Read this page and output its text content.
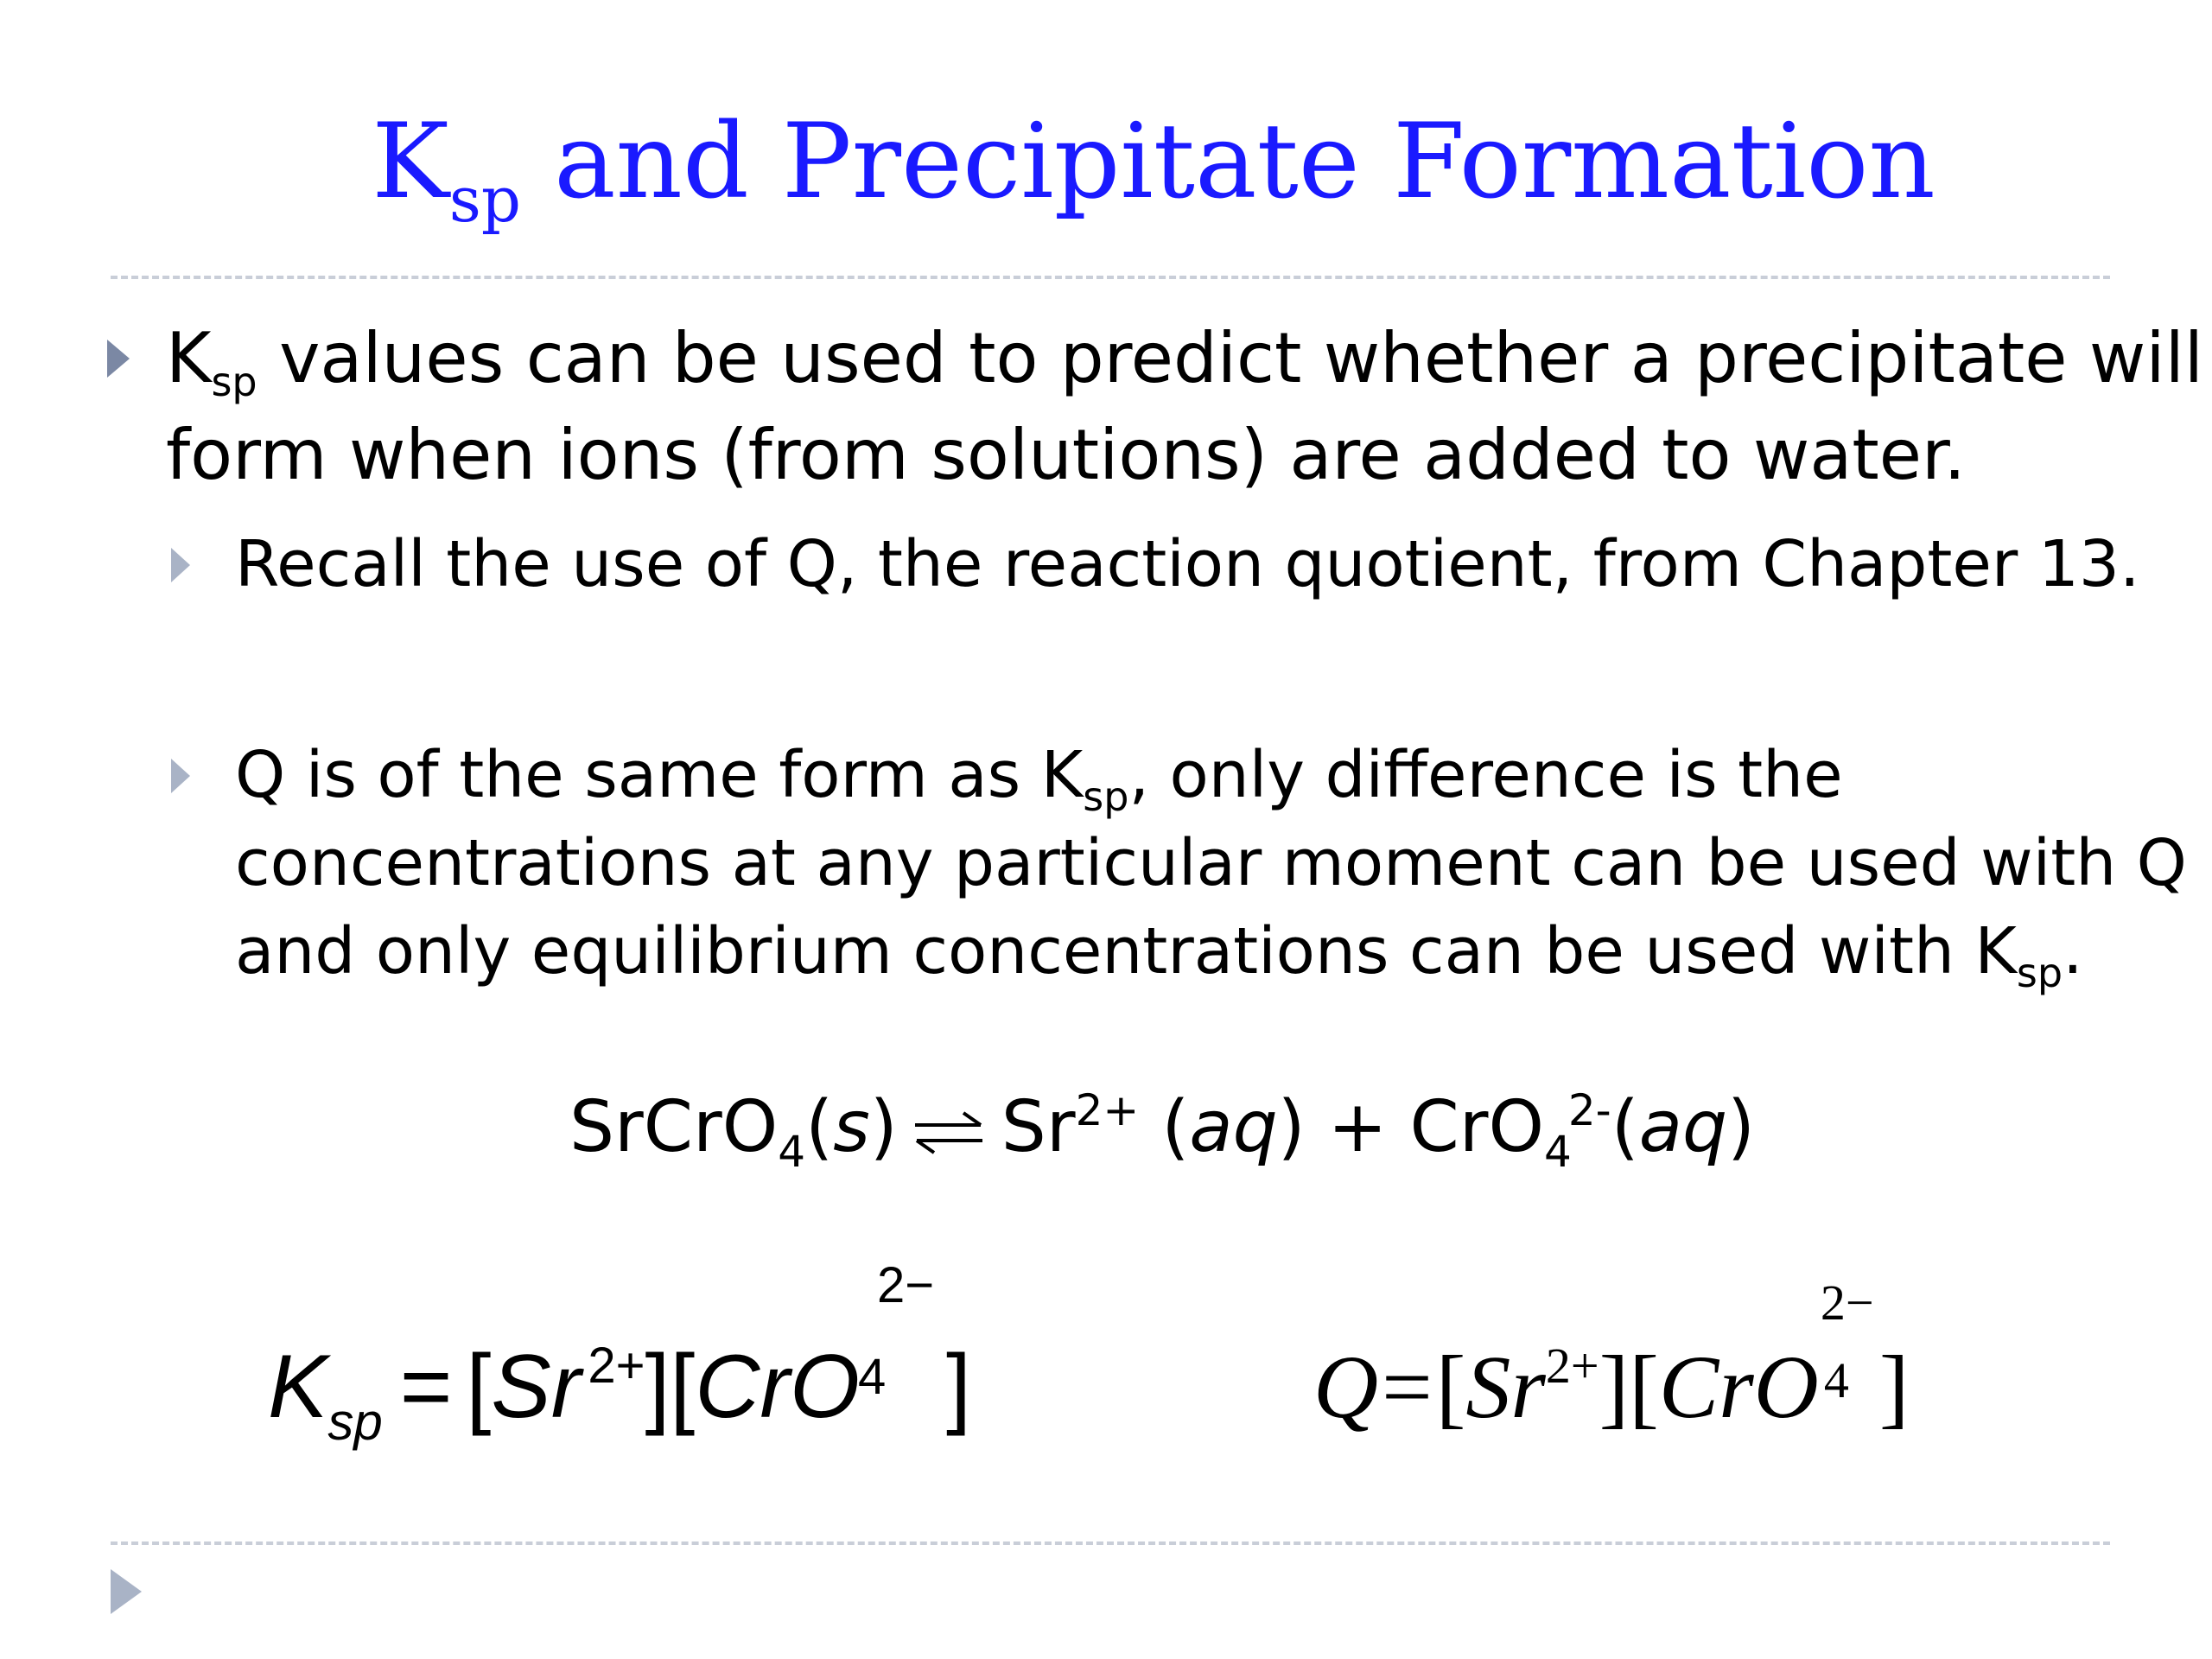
$K_{sp}$ and Precipitate Formation
$K_{sp}$ values can be used to predict whether a precipitate will
form when ions (from solutions) are added to water.
Recall the use of Q, the reaction quotient, from Chapter 13.
Q is of the same form as $K_{sp}$, only difference is the
concentrations at any particular moment can be used with Q
and only equilibrium concentrations can be used with $K_{sp}$.
SrCrO$_4$(s) ⇌ $Sr^{2+}$ (aq) + CrO$_4^{2-}$(aq)
$K_{sp} = [Sr$ $^{2+}$][CrO
2−
4 ]	$Q=[Sr^{2+}][CrO$
2−
4 ]
